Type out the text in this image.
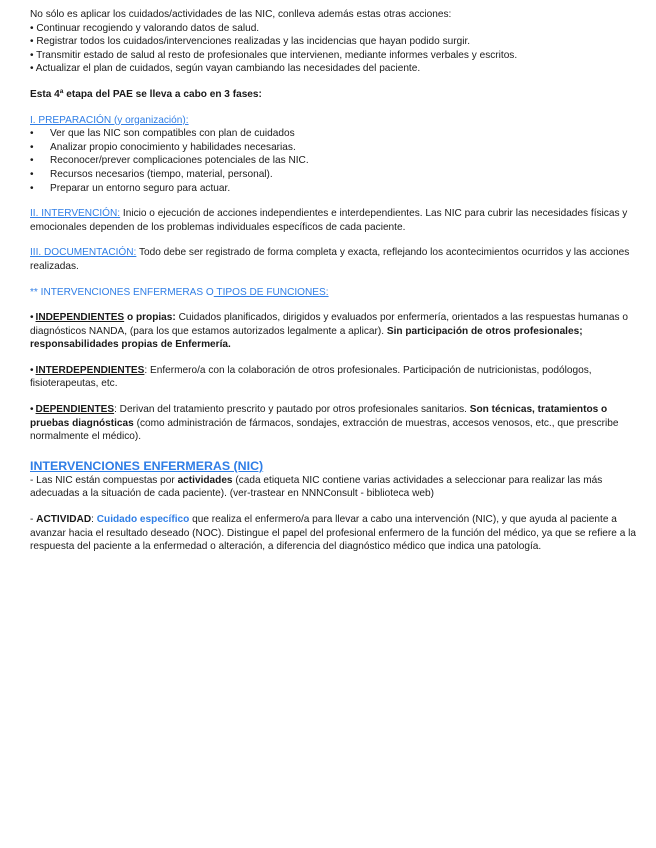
No sólo es aplicar los cuidados/actividades de las NIC, conlleva además estas otras acciones:

• Continuar recogiendo y valorando datos de salud.

• Registrar todos los cuidados/intervenciones realizadas y las incidencias que hayan podido surgir.

• Transmitir estado de salud al resto de profesionales que intervienen, mediante informes verbales y escritos.

• Actualizar el plan de cuidados, según vayan cambiando las necesidades del paciente.

Esta 4ª etapa del PAE se lleva a cabo en 3 fases:

I. PREPARACIÓN (y organización):

• Ver que las NIC son compatibles con plan de cuidados
• Analizar propio conocimiento y habilidades necesarias.
• Reconocer/prever complicaciones potenciales de las NIC.
• Recursos necesarios (tiempo, material, personal).
• Preparar un entorno seguro para actuar.

II. INTERVENCIÓN: Inicio o ejecución de acciones independientes e interdependientes. Las NIC para cubrir las necesidades físicas y emocionales dependen de los problemas individuales específicos de cada paciente.

III. DOCUMENTACIÓN: Todo debe ser registrado de forma completa y exacta, reflejando los acontecimientos ocurridos y las acciones realizadas.

** INTERVENCIONES ENFERMERAS O TIPOS DE FUNCIONES:

• INDEPENDIENTES o propias: Cuidados planificados, dirigidos y evaluados por enfermería, orientados a las respuestas humanas o diagnósticos NANDA, (para los que estamos autorizados legalmente a aplicar). Sin participación de otros profesionales; responsabilidades propias de Enfermería.

• INTERDEPENDIENTES: Enfermero/a con la colaboración de otros profesionales. Participación de nutricionistas, podólogos, fisioterapeutas, etc.

• DEPENDIENTES: Derivan del tratamiento prescrito y pautado por otros profesionales sanitarios. Son técnicas, tratamientos o pruebas diagnósticas (como administración de fármacos, sondajes, extracción de muestras, accesos venosos, etc., que prescribe normalmente el médico).

INTERVENCIONES ENFERMERAS (NIC)

- Las NIC están compuestas por actividades (cada etiqueta NIC contiene varias actividades a seleccionar para realizar las más adecuadas a la situación de cada paciente). (ver-trastear en NNNConsult - biblioteca web)

- ACTIVIDAD: Cuidado específico que realiza el enfermero/a para llevar a cabo una intervención (NIC), y que ayuda al paciente a avanzar hacia el resultado deseado (NOC). Distingue el papel del profesional enfermero de la función del médico, ya que se refiere a la respuesta del paciente a la enfermedad o alteración, a diferencia del diagnóstico médico que indica una patología.
